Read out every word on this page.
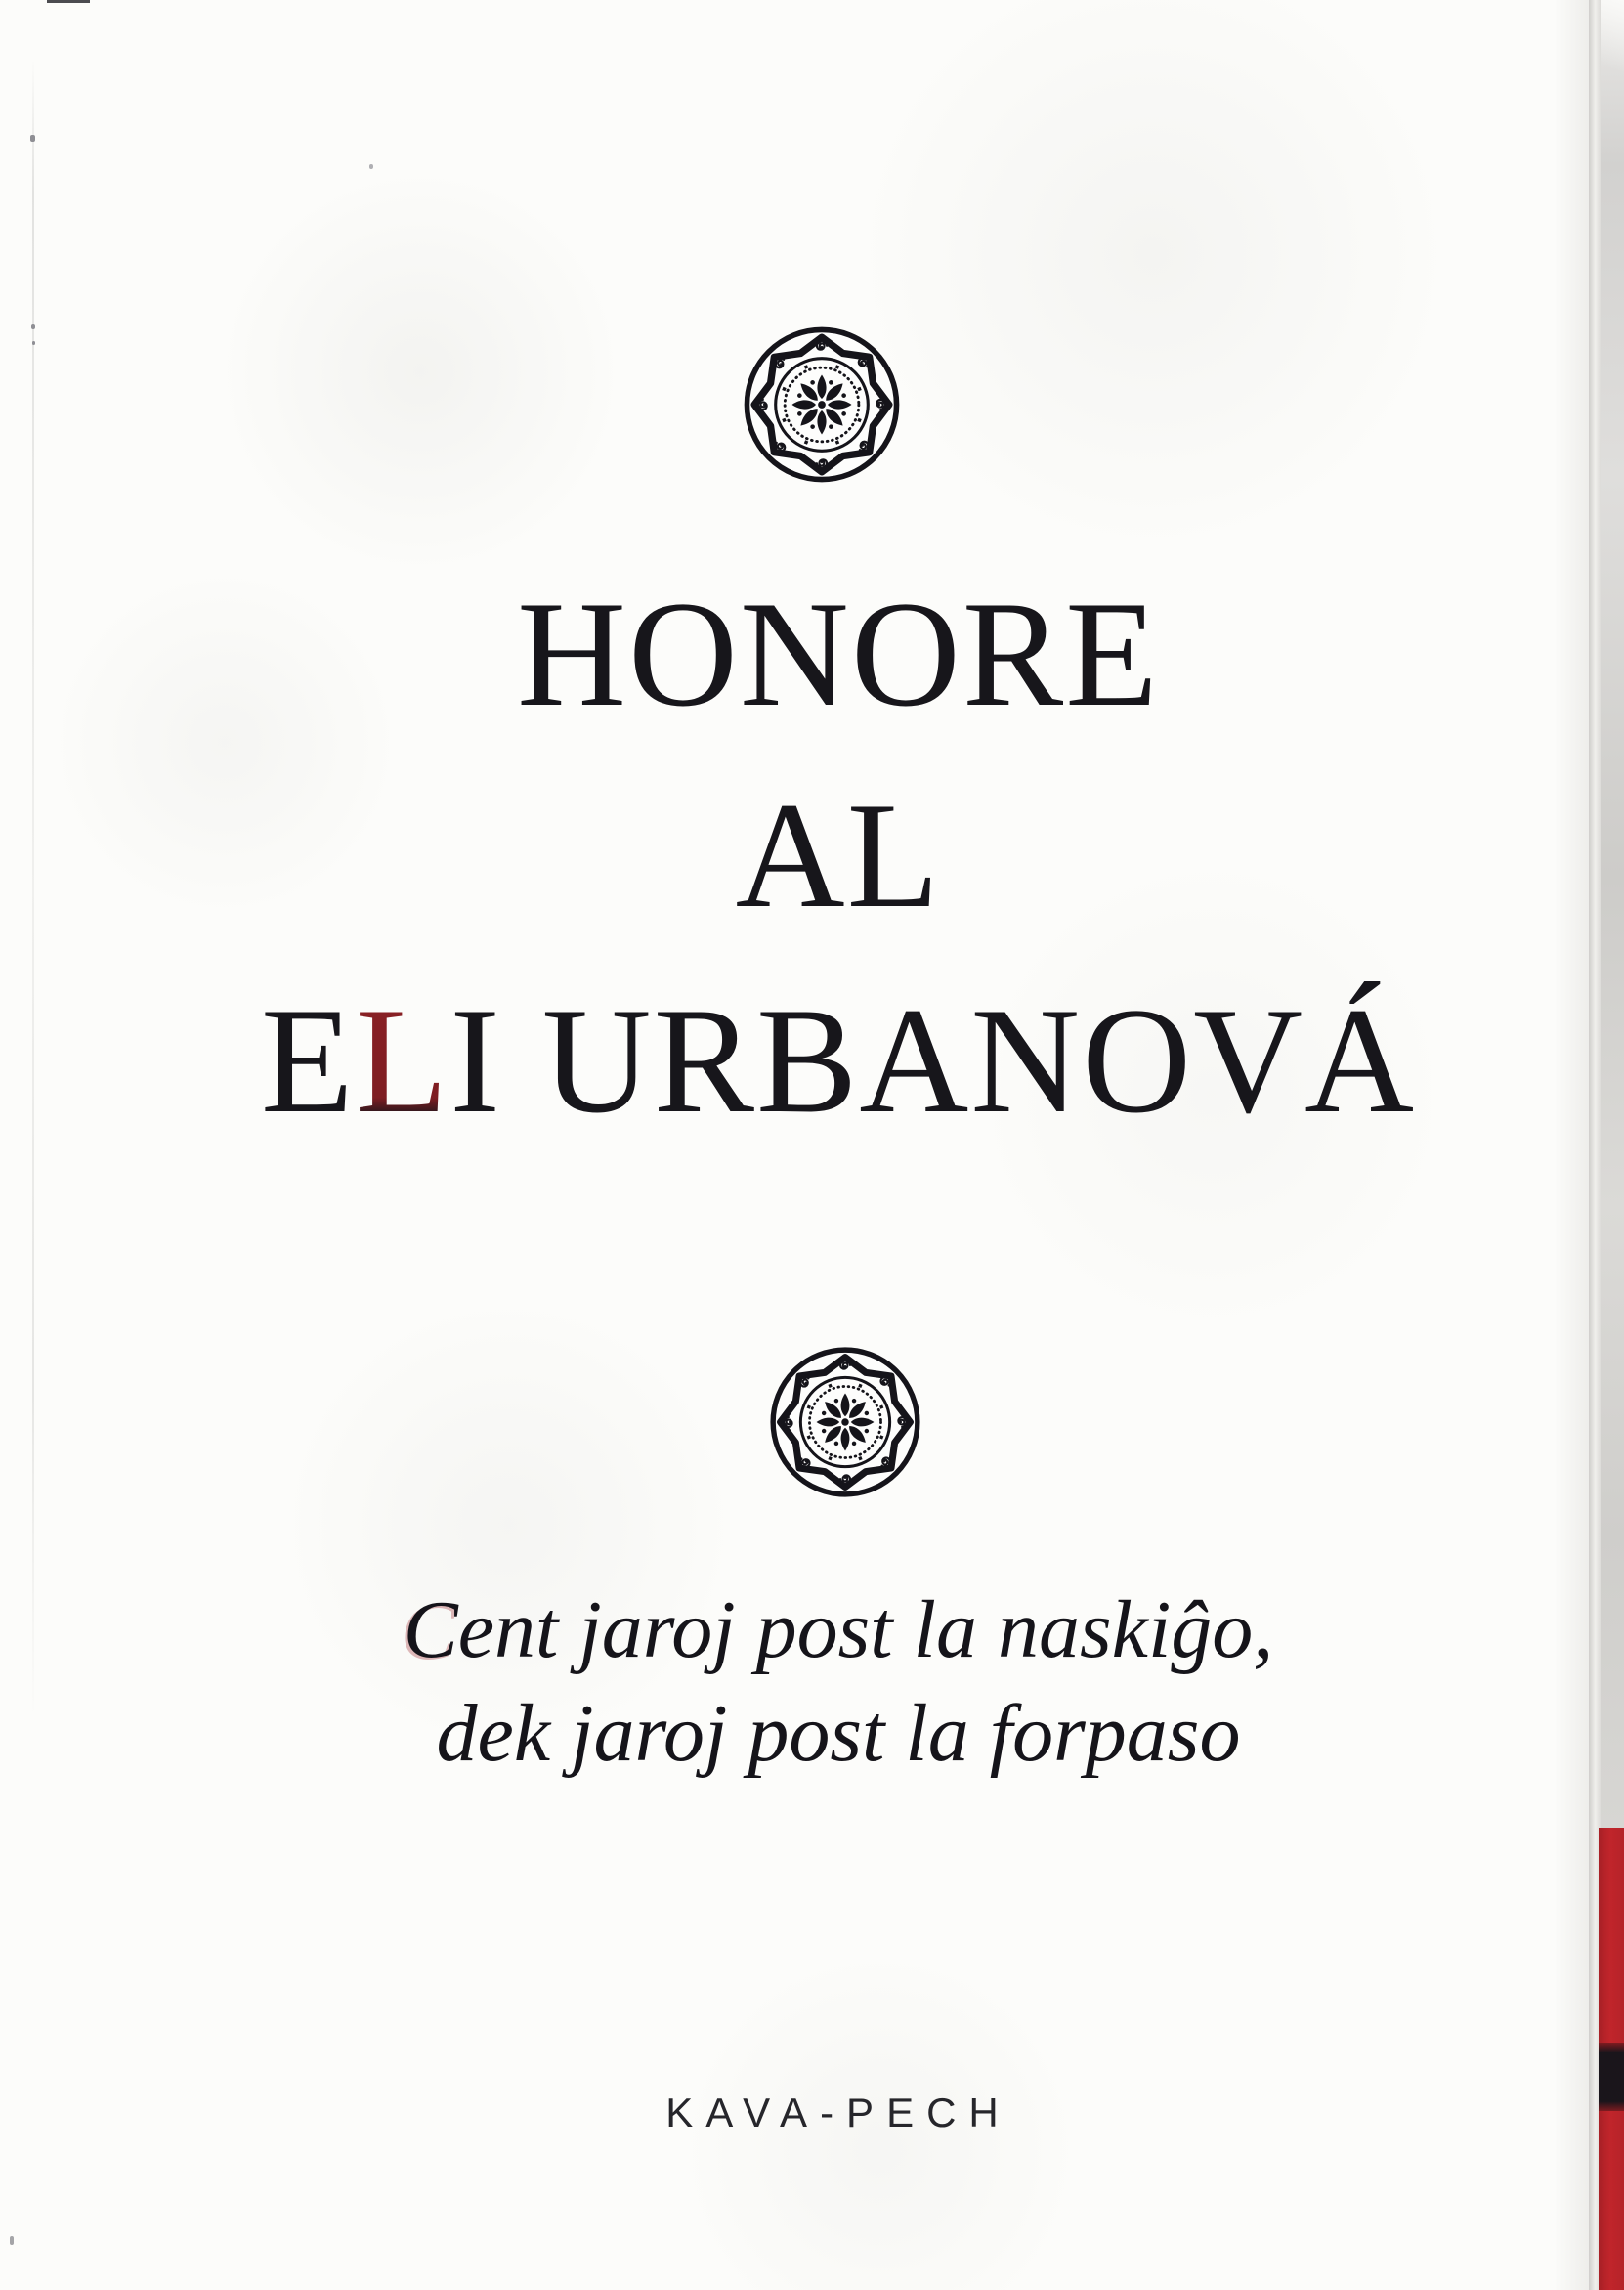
HONORE
AL
ELI URBANOVÁ
Cent jaroj post la naskiĝo,
dek jaroj post la forpaso
KAVA-PECH
